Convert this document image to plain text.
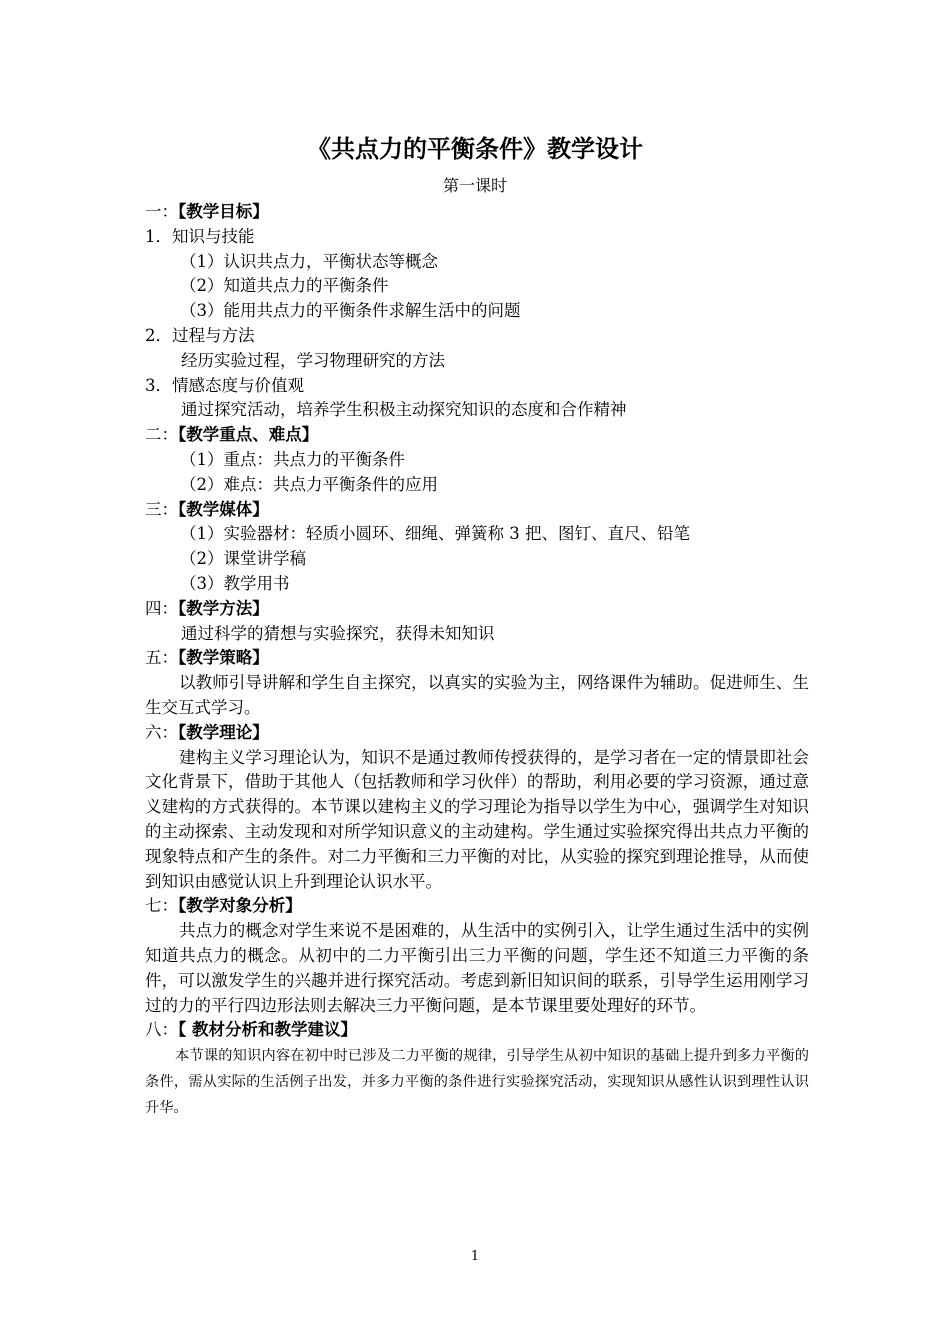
《共点力的平衡条件》教学设计
第一课时
一：【教学目标】
1．知识与技能
（1）认识共点力，平衡状态等概念
（2）知道共点力的平衡条件
（3）能用共点力的平衡条件求解生活中的问题
2．过程与方法
经历实验过程，学习物理研究的方法
3．情感态度与价值观
通过探究活动，培养学生积极主动探究知识的态度和合作精神
二：【教学重点、难点】
（1）重点：共点力的平衡条件
（2）难点：共点力平衡条件的应用
三：【教学媒体】
（1）实验器材：轻质小圆环、细绳、弹簧称 3 把、图钉、直尺、铅笔
（2）课堂讲学稿
（3）教学用书
四：【教学方法】
通过科学的猜想与实验探究，获得未知知识
五：【教学策略】
以教师引导讲解和学生自主探究，以真实的实验为主，网络课件为辅助。促进师生、生生交互式学习。
六：【教学理论】
建构主义学习理论认为，知识不是通过教师传授获得的，是学习者在一定的情景即社会文化背景下，借助于其他人（包括教师和学习伙伴）的帮助，利用必要的学习资源，通过意义建构的方式获得的。本节课以建构主义的学习理论为指导以学生为中心，强调学生对知识的主动探索、主动发现和对所学知识意义的主动建构。学生通过实验探究得出共点力平衡的现象特点和产生的条件。对二力平衡和三力平衡的对比，从实验的探究到理论推导，从而使到知识由感觉认识上升到理论认识水平。
七：【教学对象分析】
共点力的概念对学生来说不是困难的，从生活中的实例引入，让学生通过生活中的实例知道共点力的概念。从初中的二力平衡引出三力平衡的问题，学生还不知道三力平衡的条件，可以激发学生的兴趣并进行探究活动。考虑到新旧知识间的联系，引导学生运用刚学习过的力的平行四边形法则去解决三力平衡问题，是本节课里要处理好的环节。
八：【 教材分析和教学建议】
本节课的知识内容在初中时已涉及二力平衡的规律，引导学生从初中知识的基础上提升到多力平衡的条件，需从实际的生活例子出发，并多力平衡的条件进行实验探究活动，实现知识从感性认识到理性认识升华。
1
